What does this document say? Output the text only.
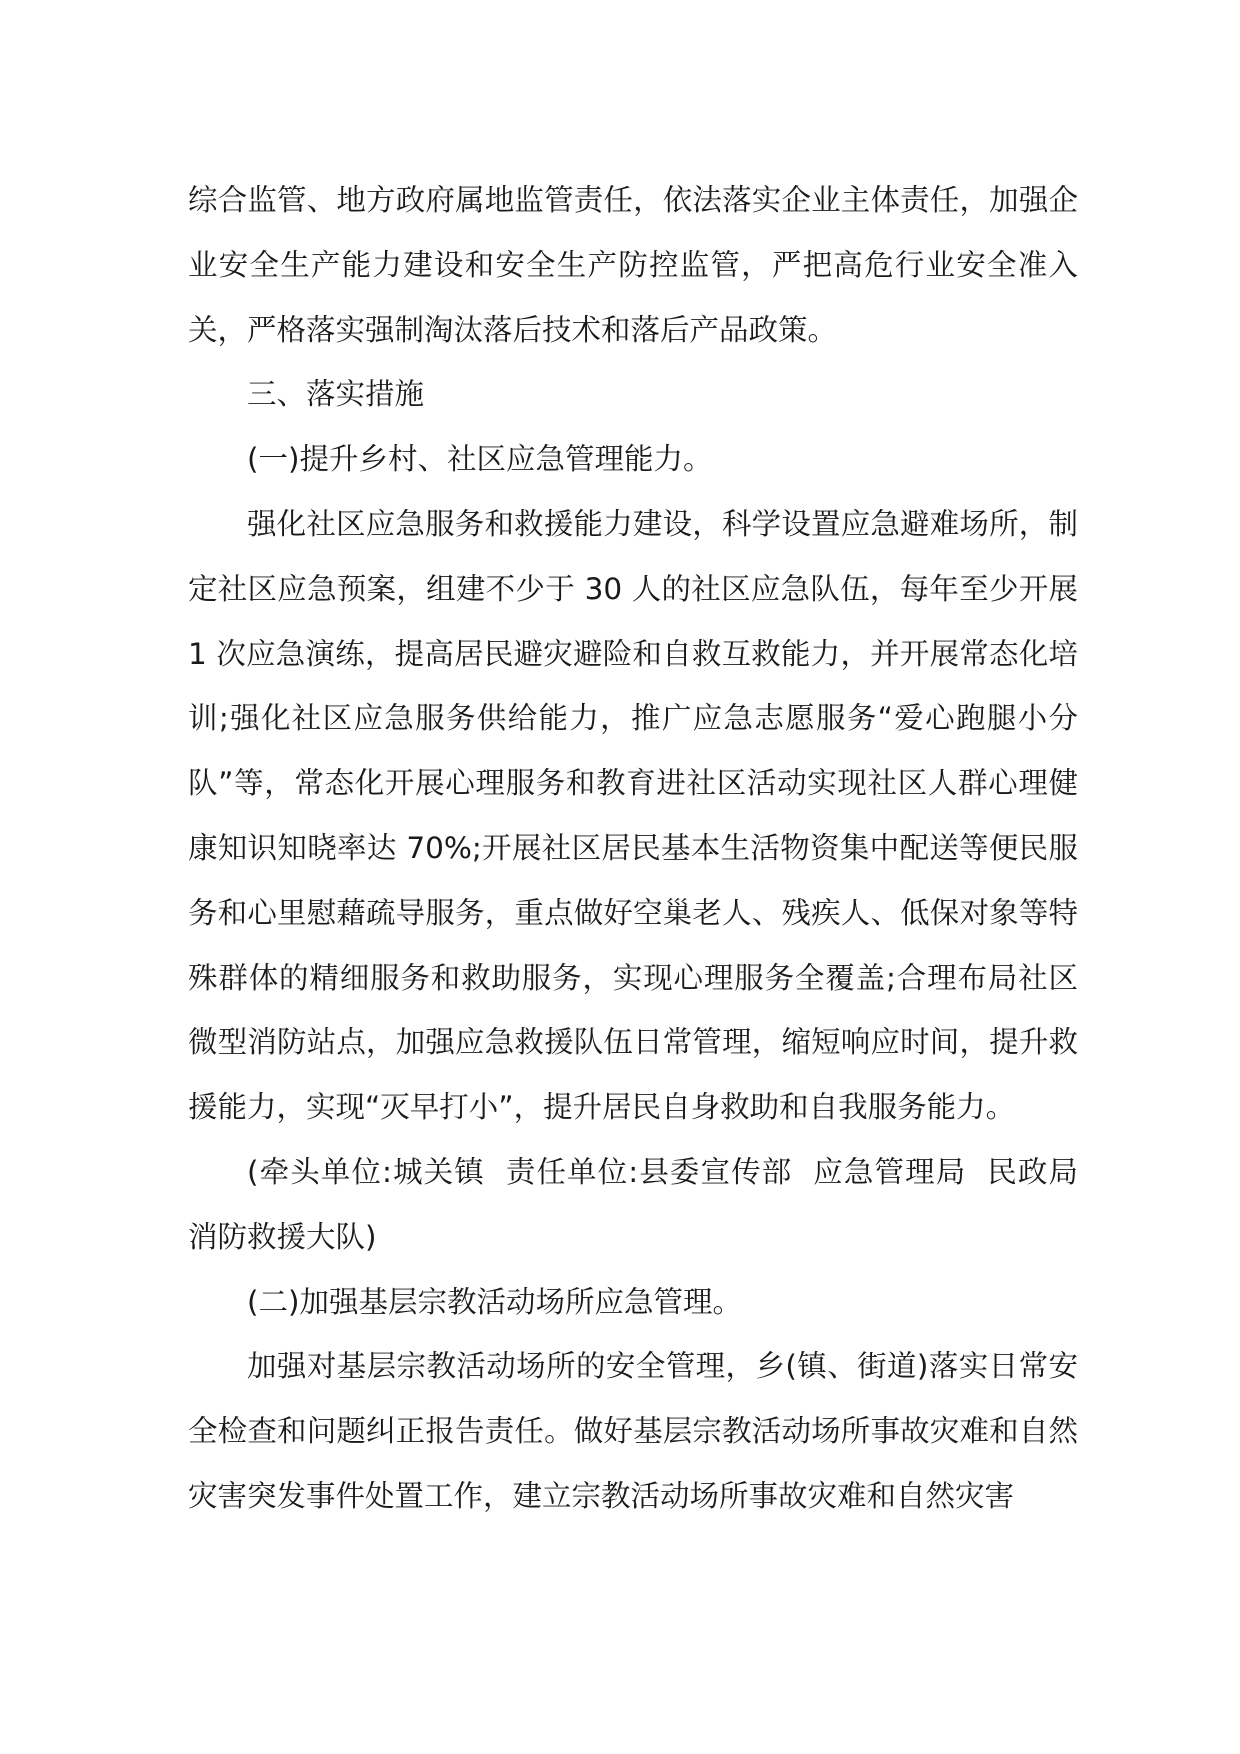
综合监管、地方政府属地监管责任，依法落实企业主体责任，加强企业安全生产能力建设和安全生产防控监管，严把高危行业安全准入关，严格落实强制淘汰落后技术和落后产品政策。

三、落实措施

(一)提升乡村、社区应急管理能力。

强化社区应急服务和救援能力建设，科学设置应急避难场所，制定社区应急预案，组建不少于 30 人的社区应急队伍，每年至少开展 1 次应急演练，提高居民避灾避险和自救互救能力，并开展常态化培训;强化社区应急服务供给能力，推广应急志愿服务“爱心跑腿小分队”等，常态化开展心理服务和教育进社区活动实现社区人群心理健康知识知晓率达 70%;开展社区居民基本生活物资集中配送等便民服务和心里慰藉疏导服务，重点做好空巢老人、残疾人、低保对象等特殊群体的精细服务和救助服务，实现心理服务全覆盖;合理布局社区微型消防站点，加强应急救援队伍日常管理，缩短响应时间，提升救援能力，实现“灭早打小”，提升居民自身救助和自我服务能力。

(牵头单位:城关镇  责任单位:县委宣传部  应急管理局  民政局 消防救援大队)

(二)加强基层宗教活动场所应急管理。

加强对基层宗教活动场所的安全管理，乡(镇、街道)落实日常安全检查和问题纠正报告责任。做好基层宗教活动场所事故灾难和自然灾害突发事件处置工作，建立宗教活动场所事故灾难和自然灾害
